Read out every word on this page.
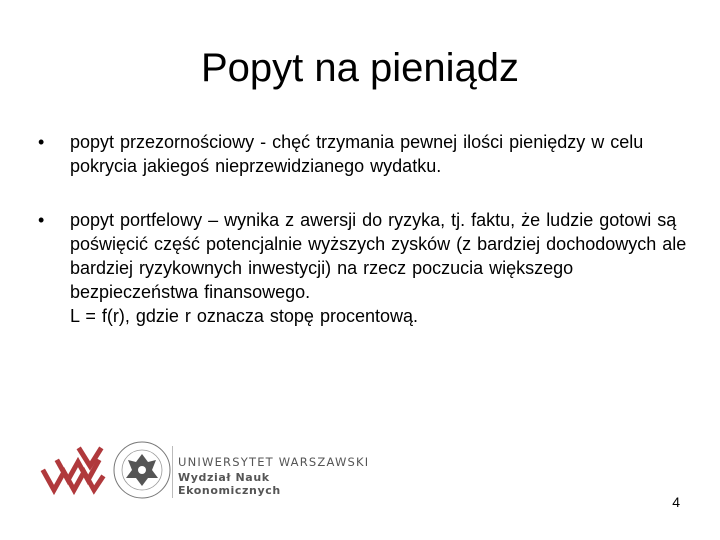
Popyt na pieniądz
• popyt przezornościowy - chęć trzymania pewnej ilości pieniędzy w celu pokrycia jakiegoś nieprzewidzianego wydatku.
• popyt portfelowy – wynika z awersji do ryzyka, tj. faktu, że ludzie gotowi są poświęcić część potencjalnie wyższych zysków (z bardziej dochodowych ale bardziej ryzykownych inwestycji) na rzecz poczucia większego bezpieczeństwa finansowego.
L = f(r), gdzie r oznacza stopę procentową.
UNIWERSYTET WARSZAWSKI
Wydział Nauk Ekonomicznych
4
